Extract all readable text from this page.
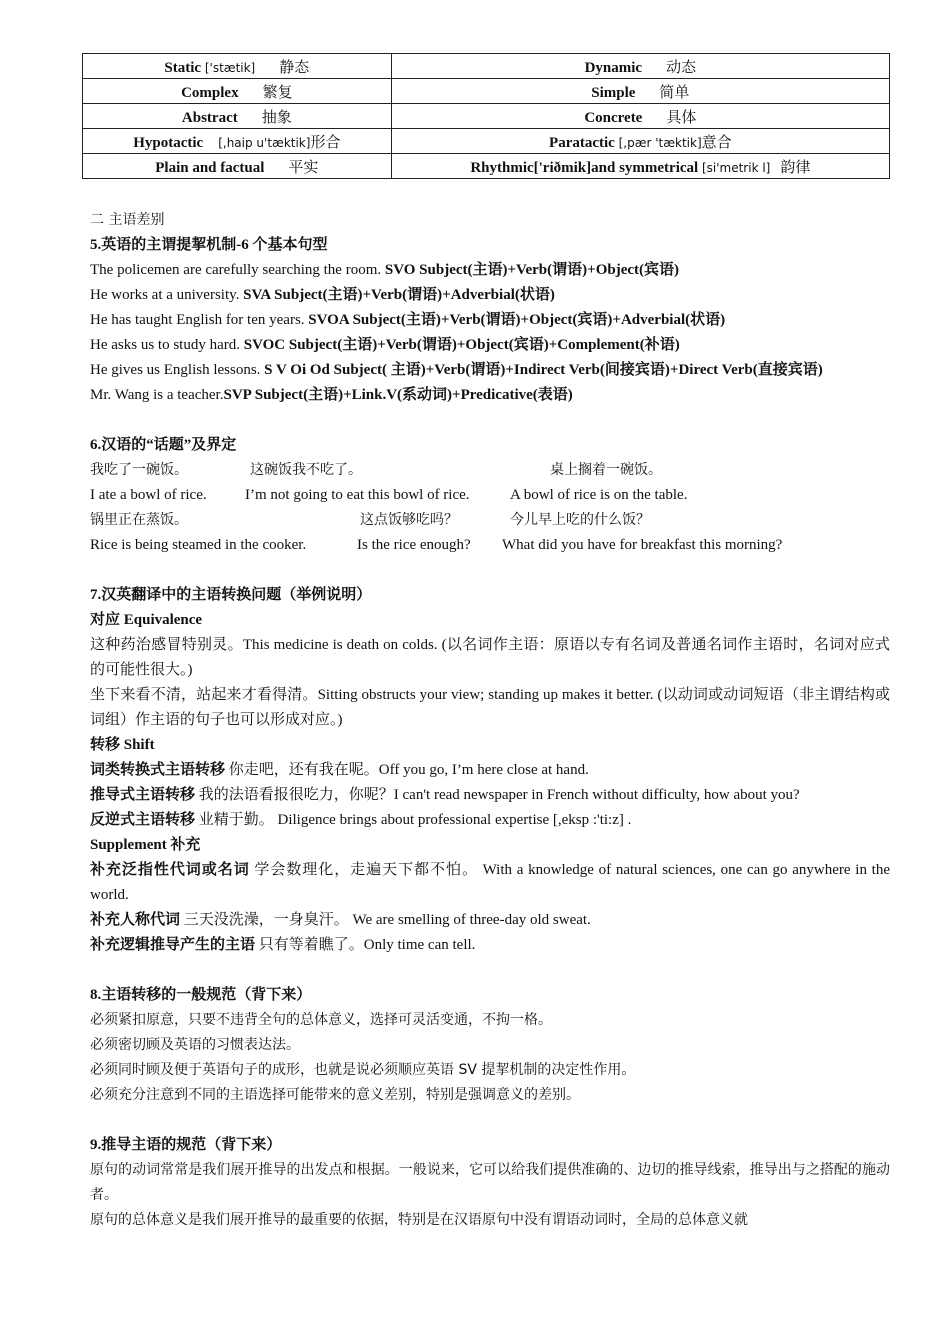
Static ['stætik] 静态	Dynamic 动态
Complex 繁复	Simple 简单
Abstract 抽象	Concrete 具体
Hypotactic [,haip u'tæktik]形合	Paratactic [,pær 'tæktik]意合
Plain and factual 平实	Rhythmic['riðmik]and symmetrical [si'metrik l] 韵律
二 主语差别
5.英语的主谓提挈机制-6 个基本句型
The policemen are carefully searching the room. SVO Subject(主语)+Verb(谓语)+Object(宾语)
He works at a university. SVA Subject(主语)+Verb(谓语)+Adverbial(状语)
He has taught English for ten years. SVOA Subject(主语)+Verb(谓语)+Object(宾语)+Adverbial(状语)
He asks us to study hard. SVOC Subject(主语)+Verb(谓语)+Object(宾语)+Complement(补语)
He gives us English lessons. S V Oi Od Subject( 主语)+Verb(谓语)+Indirect Verb(间接宾语)+Direct Verb(直接宾语)
Mr. Wang is a teacher.SVP Subject(主语)+Link.V(系动词)+Predicative(表语)
6.汉语的“话题”及界定
我吃了一碗饭。	这碗饭我不吃了。	桌上搁着一碗饭。
I ate a bowl of rice.	I’m not going to eat this bowl of rice.	A bowl of rice is on the table.
锅里正在蒸饭。	这点饭够吃吗？	今儿早上吃的什么饭？
Rice is being steamed in the cooker.	Is the rice enough?	What did you have for breakfast this morning?
7.汉英翻译中的主语转换问题（举例说明）
对应 Equivalence
这种药治感冒特别灵。This medicine is death on colds. (以名词作主语：原语以专有名词及普通名词作主语时，名词对应式的可能性很大。)
坐下来看不清，站起来才看得清。Sitting obstructs your view; standing up makes it better. (以动词或动词短语（非主谓结构或词组）作主语的句子也可以形成对应。)
转移 Shift
词类转换式主语转移 你走吧，还有我在呢。Off you go, I’m here close at hand.
推导式主语转移 我的法语看报很吃力，你呢？I can't read newspaper in French without difficulty, how about you?
反逆式主语转移 业精于勤。 Diligence brings about professional expertise [,eksp :'ti:z] .
Supplement 补充
补充泛指性代词或名词 学会数理化，走遍天下都不怕。 With a knowledge of natural sciences, one can go anywhere in the world.
补充人称代词 三天没洗澡，一身臭汗。 We are smelling of three-day old sweat.
补充逻辑推导产生的主语 只有等着瞧了。Only time can tell.
8.主语转移的一般规范（背下来）
必须紧扣原意，只要不违背全句的总体意义，选择可灵活变通，不拘一格。
必须密切顾及英语的习惯表达法。
必须同时顾及便于英语句子的成形，也就是说必须顺应英语 SV 提挈机制的决定性作用。
必须充分注意到不同的主语选择可能带来的意义差别，特别是强调意义的差别。
9.推导主语的规范（背下来）
原句的动词常常是我们展开推导的出发点和根据。一般说来，它可以给我们提供准确的、边切的推导线索，推导出与之搭配的施动者。
原句的总体意义是我们展开推导的最重要的依据，特别是在汉语原句中没有谓语动词时，全局的总体意义就
